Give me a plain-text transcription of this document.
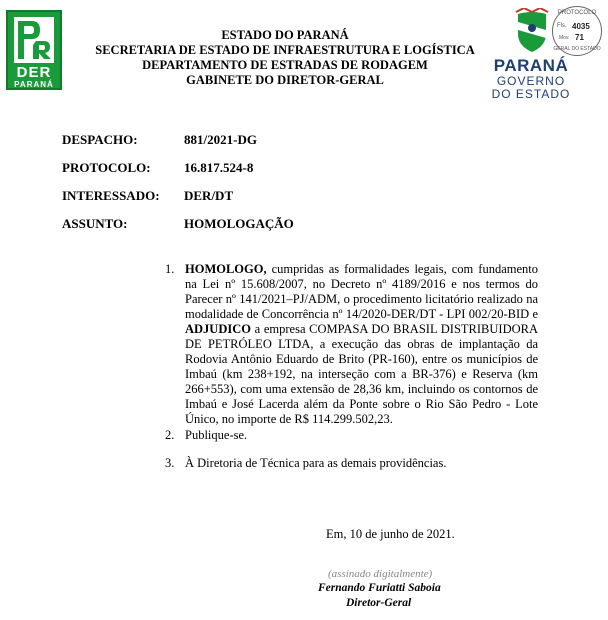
DER
PARANÁ
ESTADO DO PARANÁ
SECRETARIA DE ESTADO DE INFRAESTRUTURA E LOGÍSTICA
DEPARTAMENTO DE ESTRADAS DE RODAGEM
GABINETE DO DIRETOR-GERAL
PARANÁ
GOVERNO
DO ESTADO
PROTOCOLO
Fls. 4035
Mov. 71
GERAL DO ESTADO
DESPACHO:	881/2021-DG
PROTOCOLO:	16.817.524-8
INTERESSADO: DER/DT
ASSUNTO:	HOMOLOGAÇÃO
1. HOMOLOGO, cumpridas as formalidades legais, com fundamento na Lei nº 15.608/2007, no Decreto nº 4189/2016 e nos termos do Parecer nº 141/2021–PJ/ADM, o procedimento licitatório realizado na modalidade de Concorrência nº 14/2020-DER/DT - LPI 002/20-BID e ADJUDICO a empresa COMPASA DO BRASIL DISTRIBUIDORA DE PETRÓLEO LTDA, a execução das obras de implantação da Rodovia Antônio Eduardo de Brito (PR-160), entre os municípios de Imbaú (km 238+192, na interseção com a BR-376) e Reserva (km 266+553), com uma extensão de 28,36 km, incluindo os contornos de Imbaú e José Lacerda além da Ponte sobre o Rio São Pedro - Lote Único, no importe de R$ 114.299.502,23.
2. Publique-se.
3. À Diretoria de Técnica para as demais providências.
Em, 10 de junho de 2021.
(assinado digitalmente)
Fernando Furiatti Saboia
Diretor-Geral
